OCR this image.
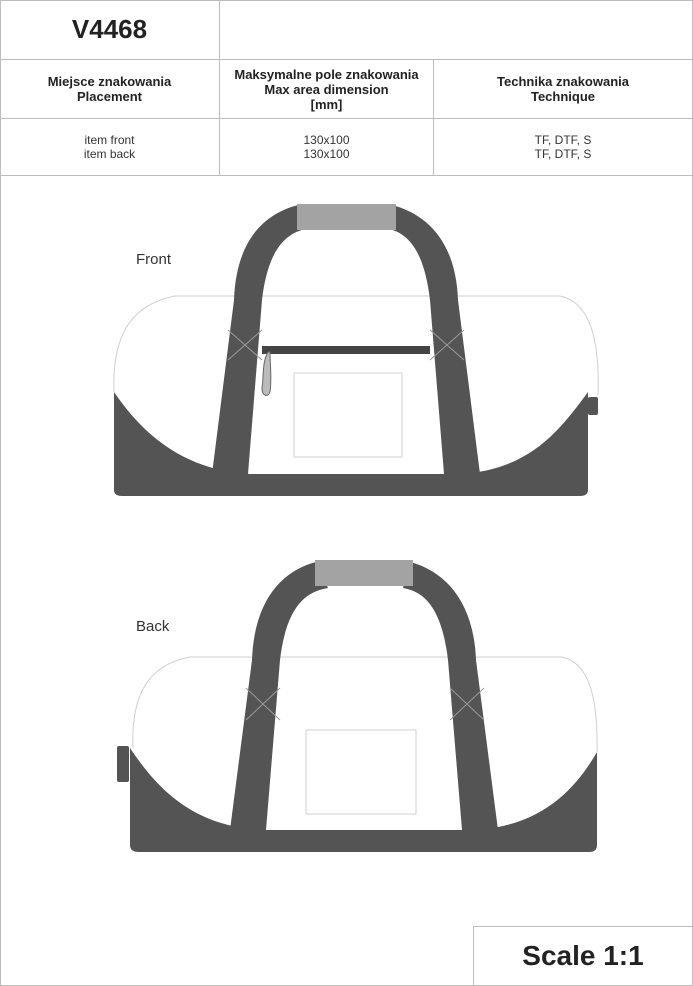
V4468
Miejsce znakowania
Placement
Maksymalne pole znakowania
Max area dimension
[mm]
Technika znakowania
Technique
item front
item back
130x100
130x100
TF, DTF, S
TF, DTF, S
Front
Back
Scale 1:1
